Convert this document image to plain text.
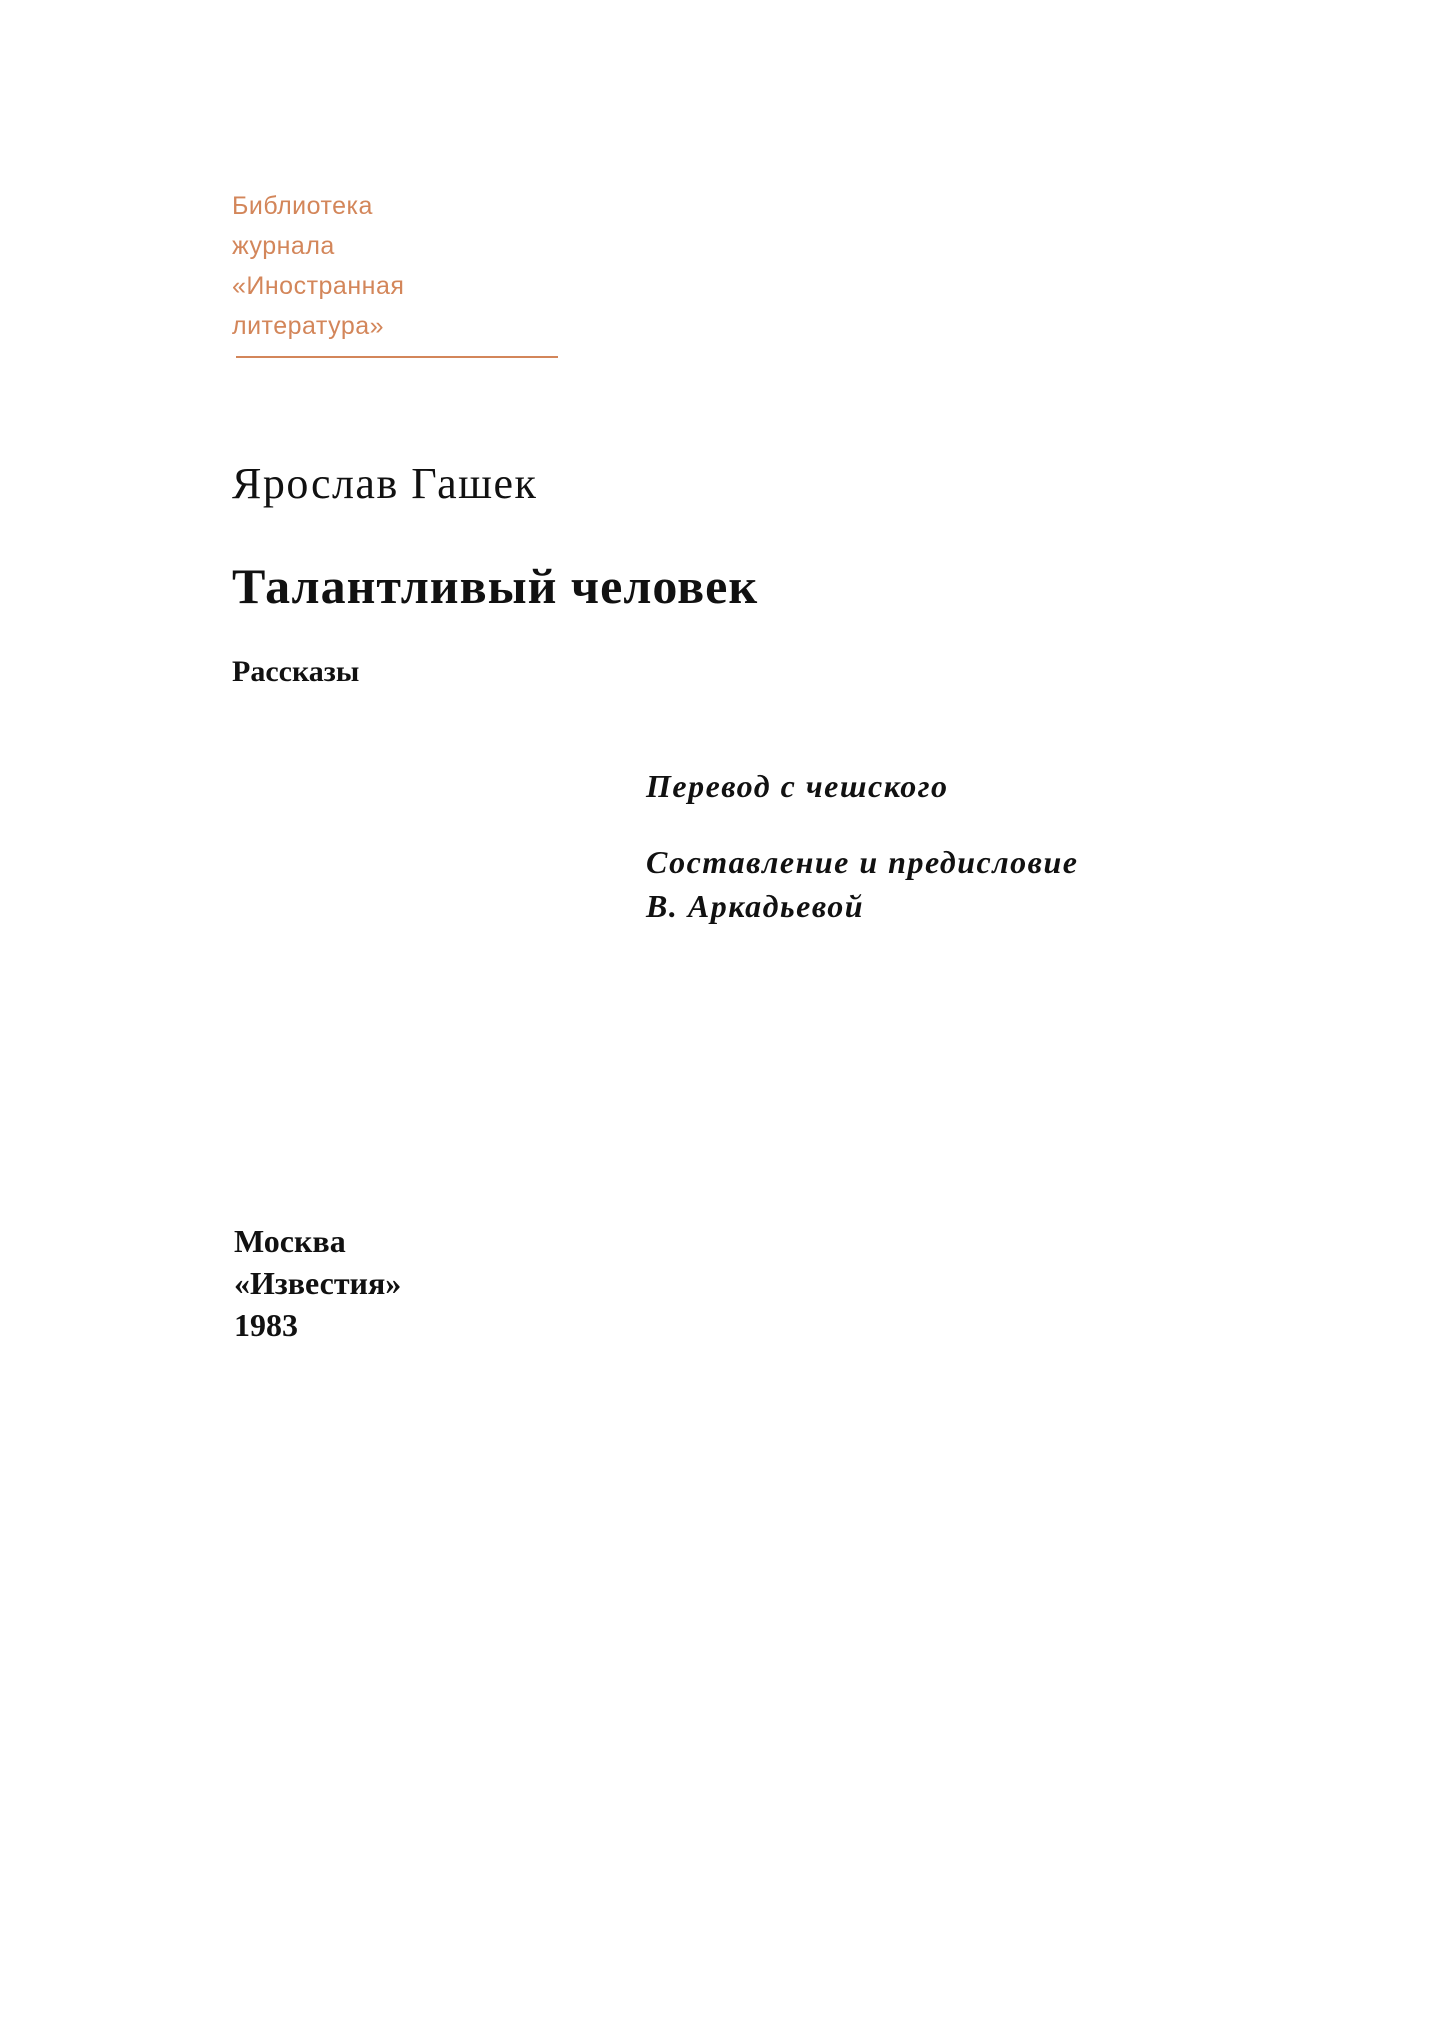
Библиотека
журнала
«Иностранная
литература»
Ярослав Гашек
Талантливый человек
Рассказы
Перевод с чешского
Составление и предисловие
В. Аркадьевой
Москва
«Известия»
1983
